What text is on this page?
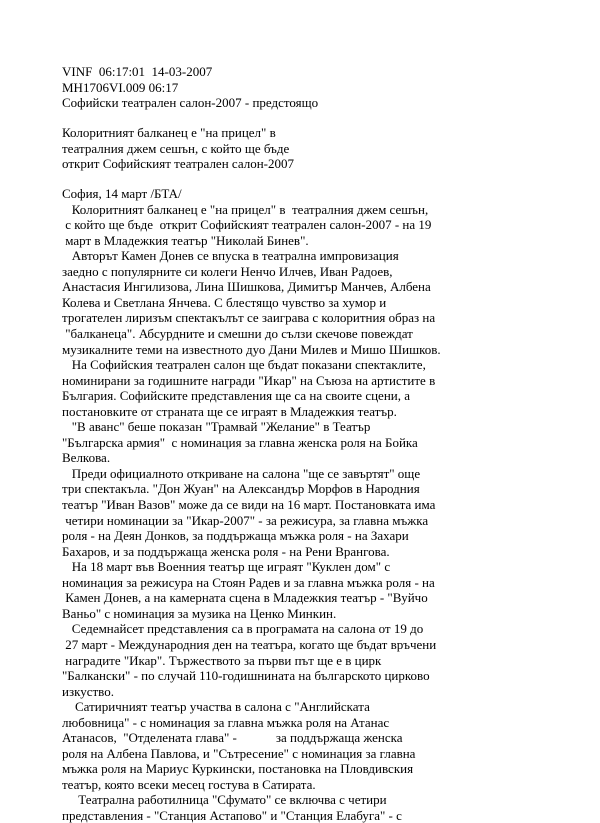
VINF  06:17:01  14-03-2007
MH1706VI.009 06:17
Софийски театрален салон-2007 - предстоящо
Колоритният балканец е "на прицел" в
театралния джем сешън, с който ще бъде
открит Софийският театрален салон-2007
София, 14 март /БТА/
Колоритният балканец е "на прицел" в  театралния джем сешън,
с който ще бъде  открит Софийският театрален салон-2007 - на 19
март в Младежкия театър "Николай Бинев".
Авторът Камен Донев се впуска в театрална импровизация
заедно с популярните си колеги Ненчо Илчев, Иван Радоев,
Анастасия Ингилизова, Лина Шишкова, Димитър Манчев, Албена
Колева и Светлана Янчева. С блестящо чувство за хумор и
трогателен лиризъм спектакълът се заиграва с колоритния образ на
"балканеца". Абсурдните и смешни до сълзи скечове повеждат
музикалните теми на известното дуо Дани Милев и Мишо Шишков.
На Софийския театрален салон ще бъдат показани спектаклите,
номинирани за годишните награди "Икар" на Съюза на артистите в
България. Софийските представления ще са на своите сцени, а
постановките от страната ще се играят в Младежкия театър.
"В аванс" беше показан "Трамвай "Желание" в Театър
"Българска армия"  с номинация за главна женска роля на Бойка
Велкова.
Преди официалното откриване на салона "ще се завъртят" още
три спектакъла. "Дон Жуан" на Александър Морфов в Народния
театър "Иван Вазов" може да се види на 16 март. Постановката има
четири номинации за "Икар-2007" - за режисура, за главна мъжка
роля - на Деян Донков, за поддържаща мъжка роля - на Захари
Бахаров, и за поддържаща женска роля - на Рени Врангова.
На 18 март във Военния театър ще играят "Куклен дом" с
номинация за режисура на Стоян Радев и за главна мъжка роля - на
Камен Донев, а на камерната сцена в Младежкия театър - "Вуйчо
Ваньо" с номинация за музика на Ценко Минкин.
Седемнайсет представления са в програмата на салона от 19 до
27 март - Международния ден на театъра, когато ще бъдат връчени
наградите "Икар". Тържеството за първи път ще е в цирк
"Балкански" - по случай 110-годишнината на българското цирково
изкуство.
Сатиричният театър участва в салона с "Английската
любовница" - с номинация за главна мъжка роля на Атанас
Атанасов,  "Отделената глава" -            за поддържаща женска
роля на Албена Павлова, и "Сътресение" с номинация за главна
мъжка роля на Мариус Куркински, постановка на Пловдивския
театър, която всеки месец гостува в Сатирата.
Театрална работилница "Сфумато" се включва с четири
представления - "Станция Астапово" и "Станция Елабуга" - с
